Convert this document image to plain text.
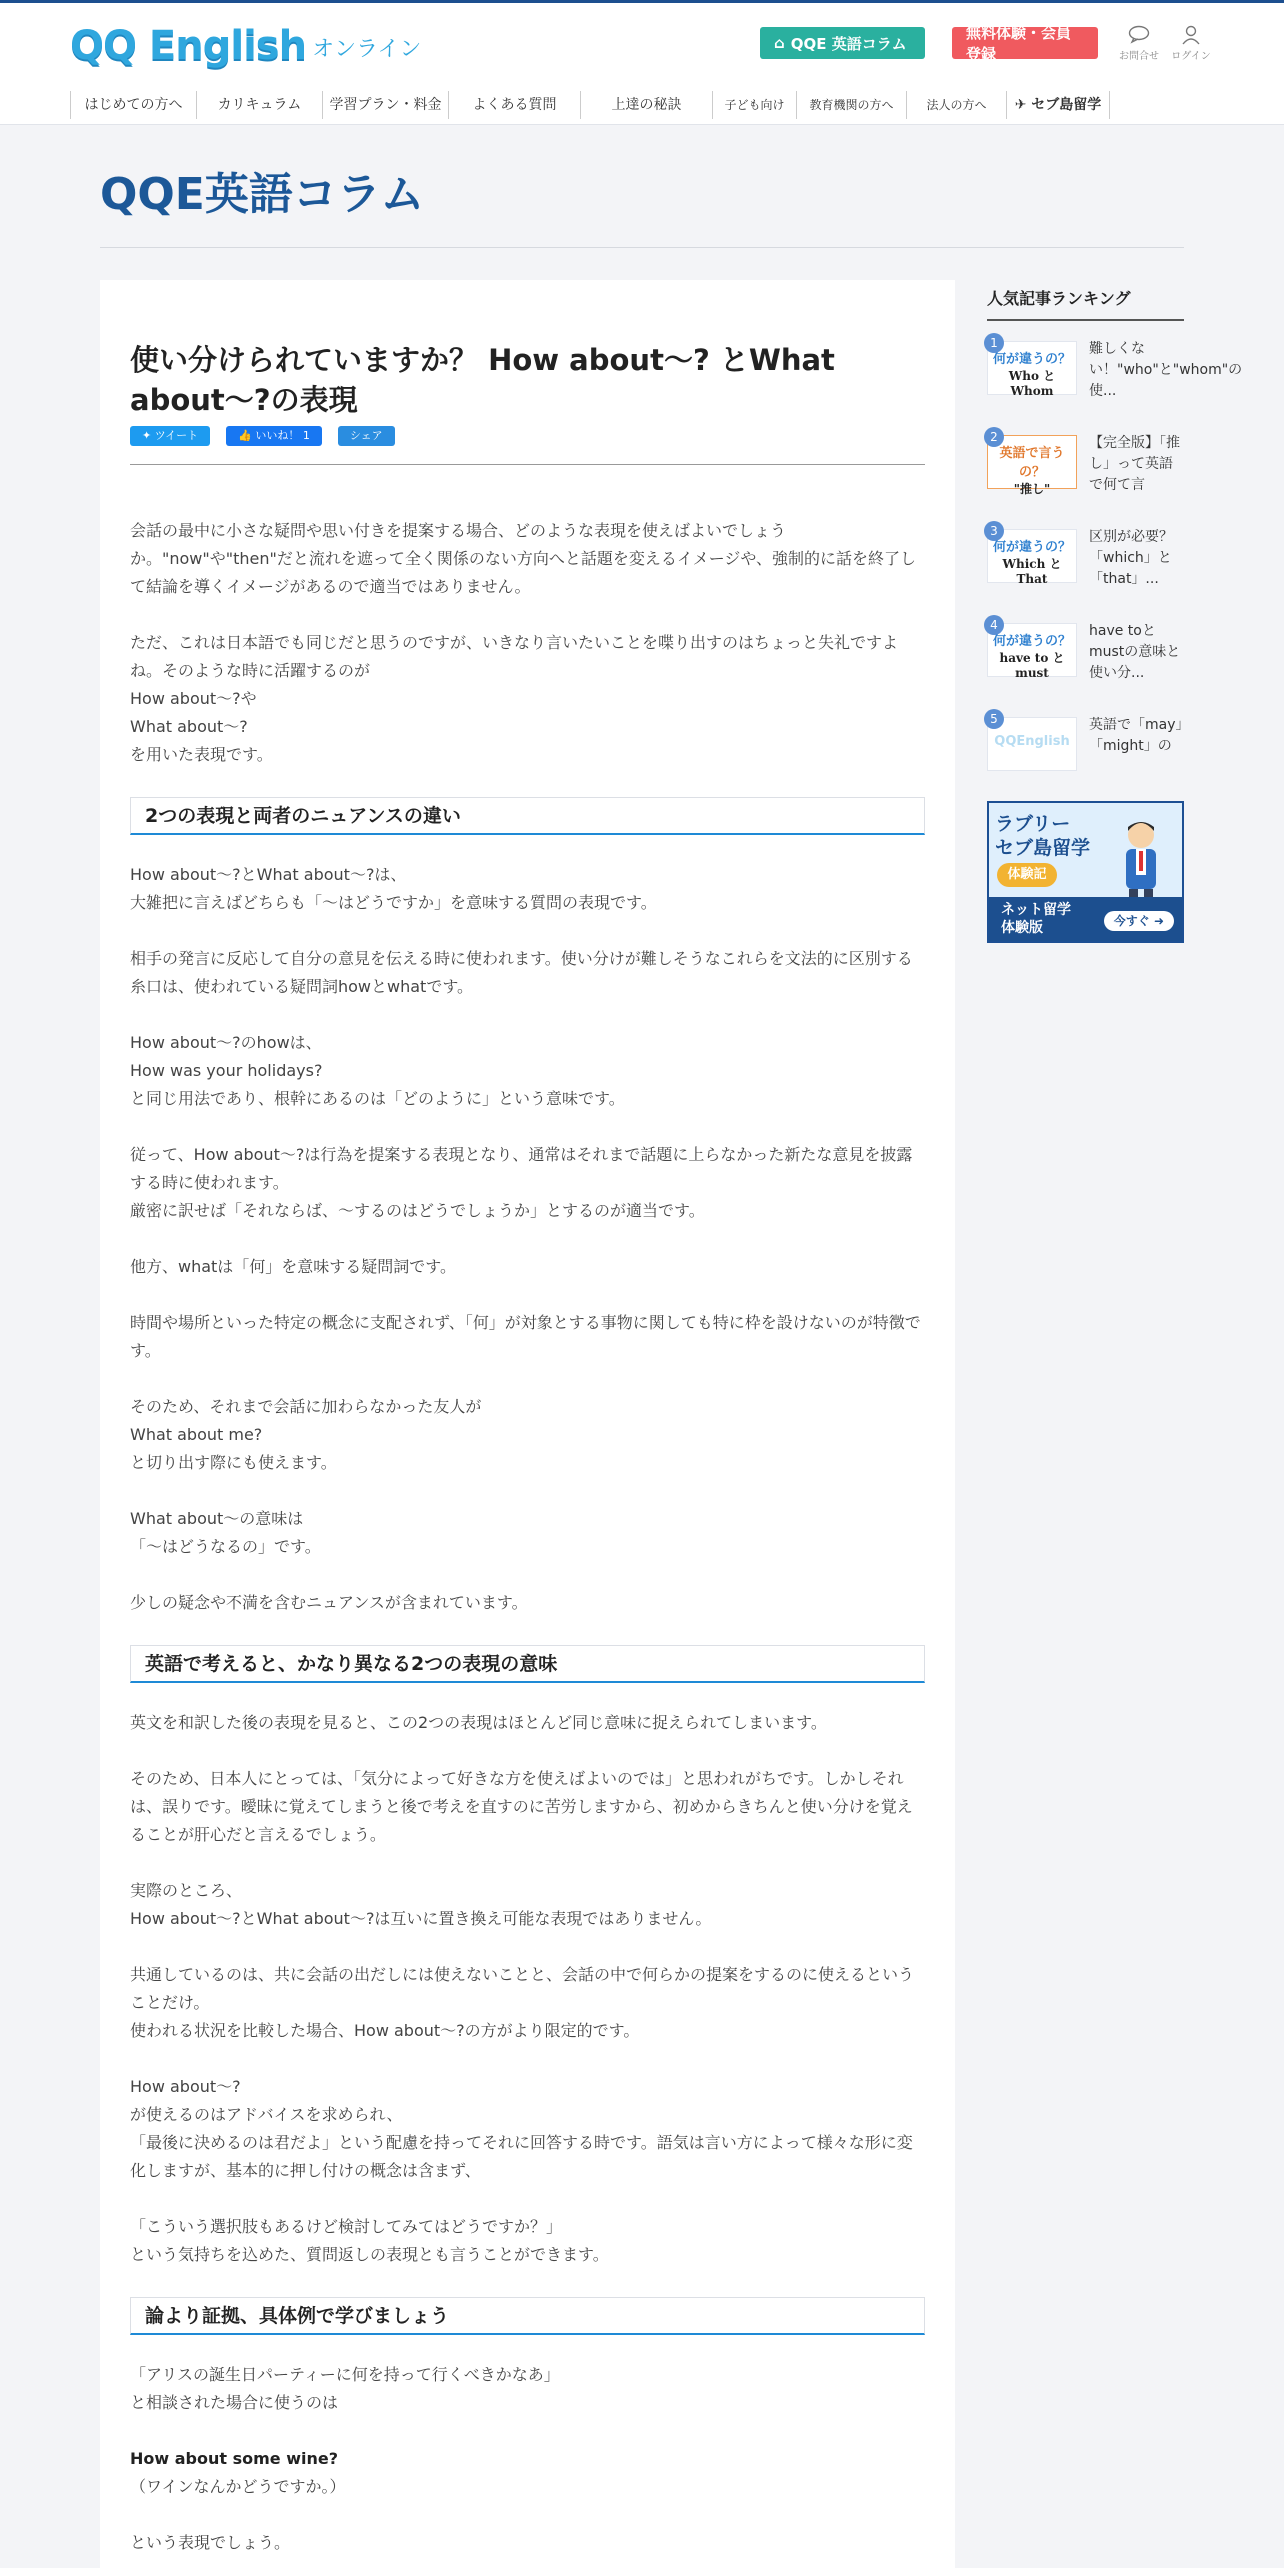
QQ English オンライン	⌂ QQE 英語コラム
無料体験・会員登録	お問合せ	ログイン
はじめての方へ	カリキュラム	学習プラン・料金	よくある質問	上達の秘訣	子ども向け	教育機関の方へ	法人の方へ	✈ セブ島留学
QQE英語コラム
使い分けられていますか？ How about〜? とWhat about〜?の表現
✦ ツイート	👍 いいね！ 1	シェア

会話の最中に小さな疑問や思い付きを提案する場合、どのような表現を使えばよいでしょうか。"now"や"then"だと流れを遮って全く関係のない方向へと話題を変えるイメージや、強制的に話を終了して結論を導くイメージがあるので適当ではありません。

ただ、これは日本語でも同じだと思うのですが、いきなり言いたいことを喋り出すのはちょっと失礼ですよね。そのような時に活躍するのが
How about〜?や
What about〜?
を用いた表現です。

2つの表現と両者のニュアンスの違い

How about〜?とWhat about〜?は、
大雑把に言えばどちらも「〜はどうですか」を意味する質問の表現です。

相手の発言に反応して自分の意見を伝える時に使われます。使い分けが難しそうなこれらを文法的に区別する糸口は、使われている疑問詞howとwhatです。

How about〜?のhowは、
How was your holidays?
と同じ用法であり、根幹にあるのは「どのように」という意味です。

従って、How about〜?は行為を提案する表現となり、通常はそれまで話題に上らなかった新たな意見を披露する時に使われます。
厳密に訳せば「それならば、〜するのはどうでしょうか」とするのが適当です。

他方、whatは「何」を意味する疑問詞です。

時間や場所といった特定の概念に支配されず、「何」が対象とする事物に関しても特に枠を設けないのが特徴です。

そのため、それまで会話に加わらなかった友人が
What about me?
と切り出す際にも使えます。

What about〜の意味は
「〜はどうなるの」です。

少しの疑念や不満を含むニュアンスが含まれています。

英語で考えると、かなり異なる2つの表現の意味

英文を和訳した後の表現を見ると、この2つの表現はほとんど同じ意味に捉えられてしまいます。

そのため、日本人にとっては、「気分によって好きな方を使えばよいのでは」と思われがちです。しかしそれは、誤りです。曖昧に覚えてしまうと後で考えを直すのに苦労しますから、初めからきちんと使い分けを覚えることが肝心だと言えるでしょう。

実際のところ、
How about〜?とWhat about〜?は互いに置き換え可能な表現ではありません。

共通しているのは、共に会話の出だしには使えないことと、会話の中で何らかの提案をするのに使えるということだけ。
使われる状況を比較した場合、How about〜?の方がより限定的です。

How about〜?
が使えるのはアドバイスを求められ、
「最後に決めるのは君だよ」という配慮を持ってそれに回答する時です。語気は言い方によって様々な形に変化しますが、基本的に押し付けの概念は含まず、

「こういう選択肢もあるけど検討してみてはどうですか？」
という気持ちを込めた、質問返しの表現とも言うことができます。

論より証拠、具体例で学びましょう

「アリスの誕生日パーティーに何を持って行くべきかなあ」
と相談された場合に使うのは

How about some wine?
（ワインなんかどうですか。）

という表現でしょう。

人気記事ランキング
1
何が違うの？
Who と Whom
難しくない！"who"と"whom"の使...
2
英語で言うの？
"推し"
【完全版】「推し」って英語で何て言
3
何が違うの？
Which と That
区別が必要？「which」と「that」...
4
何が違うの？
have to と must
have toとmustの意味と使い分...
5
QQEnglish
英語で「may」「might」の
ラブリー
セブ島留学
体験記
ネット留学
体験版	今すぐ ➜
